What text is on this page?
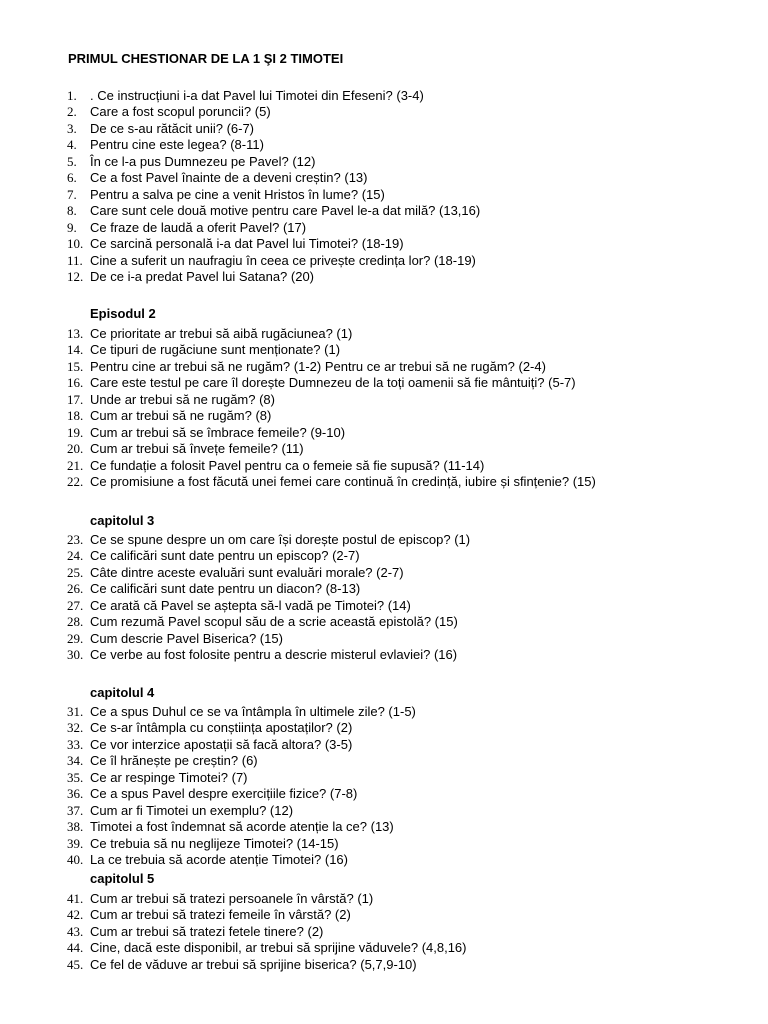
PRIMUL CHESTIONAR DE LA 1 ŞI 2 TIMOTEI
1.	. Ce instrucțiuni i-a dat Pavel lui Timotei din Efeseni? (3-4)
2.	Care a fost scopul poruncii? (5)
3.	De ce s-au rătăcit unii? (6-7)
4.	Pentru cine este legea? (8-11)
5.	În ce l-a pus Dumnezeu pe Pavel? (12)
6.	Ce a fost Pavel înainte de a deveni creștin? (13)
7.	Pentru a salva pe cine a venit Hristos în lume? (15)
8.	Care sunt cele două motive pentru care Pavel le-a dat milă? (13,16)
9.	Ce fraze de laudă a oferit Pavel? (17)
10. Ce sarcină personală i-a dat Pavel lui Timotei? (18-19)
11. Cine a suferit un naufragiu în ceea ce privește credința lor? (18-19)
12. De ce i-a predat Pavel lui Satana? (20)
Episodul 2
13. Ce prioritate ar trebui să aibă rugăciunea? (1)
14. Ce tipuri de rugăciune sunt menționate? (1)
15. Pentru cine ar trebui să ne rugăm? (1-2) Pentru ce ar trebui să ne rugăm? (2-4)
16. Care este testul pe care îl dorește Dumnezeu de la toți oamenii să fie mântuiți? (5-7)
17. Unde ar trebui să ne rugăm? (8)
18. Cum ar trebui să ne rugăm? (8)
19. Cum ar trebui să se îmbrace femeile? (9-10)
20. Cum ar trebui să învețe femeile? (11)
21. Ce fundație a folosit Pavel pentru ca o femeie să fie supusă? (11-14)
22. Ce promisiune a fost făcută unei femei care continuă în credință, iubire și sfințenie? (15)
capitolul 3
23. Ce se spune despre un om care își dorește postul de episcop? (1)
24. Ce calificări sunt date pentru un episcop? (2-7)
25. Câte dintre aceste evaluări sunt evaluări morale? (2-7)
26. Ce calificări sunt date pentru un diacon? (8-13)
27. Ce arată că Pavel se aștepta să-l vadă pe Timotei? (14)
28. Cum rezumă Pavel scopul său de a scrie această epistolă? (15)
29. Cum descrie Pavel Biserica? (15)
30. Ce verbe au fost folosite pentru a descrie misterul evlaviei? (16)
capitolul 4
31. Ce a spus Duhul ce se va întâmpla în ultimele zile? (1-5)
32. Ce s-ar întâmpla cu conștiința apostaților? (2)
33. Ce vor interzice apostații să facă altora? (3-5)
34. Ce îl hrănește pe creștin? (6)
35. Ce ar respinge Timotei? (7)
36. Ce a spus Pavel despre exercițiile fizice? (7-8)
37. Cum ar fi Timotei un exemplu? (12)
38. Timotei a fost îndemnat să acorde atenție la ce? (13)
39. Ce trebuia să nu neglijeze Timotei? (14-15)
40. La ce trebuia să acorde atenție Timotei? (16)
capitolul 5
41. Cum ar trebui să tratezi persoanele în vârstă? (1)
42. Cum ar trebui să tratezi femeile în vârstă? (2)
43. Cum ar trebui să tratezi fetele tinere? (2)
44. Cine, dacă este disponibil, ar trebui să sprijine văduvele? (4,8,16)
45. Ce fel de văduve ar trebui să sprijine biserica? (5,7,9-10)
